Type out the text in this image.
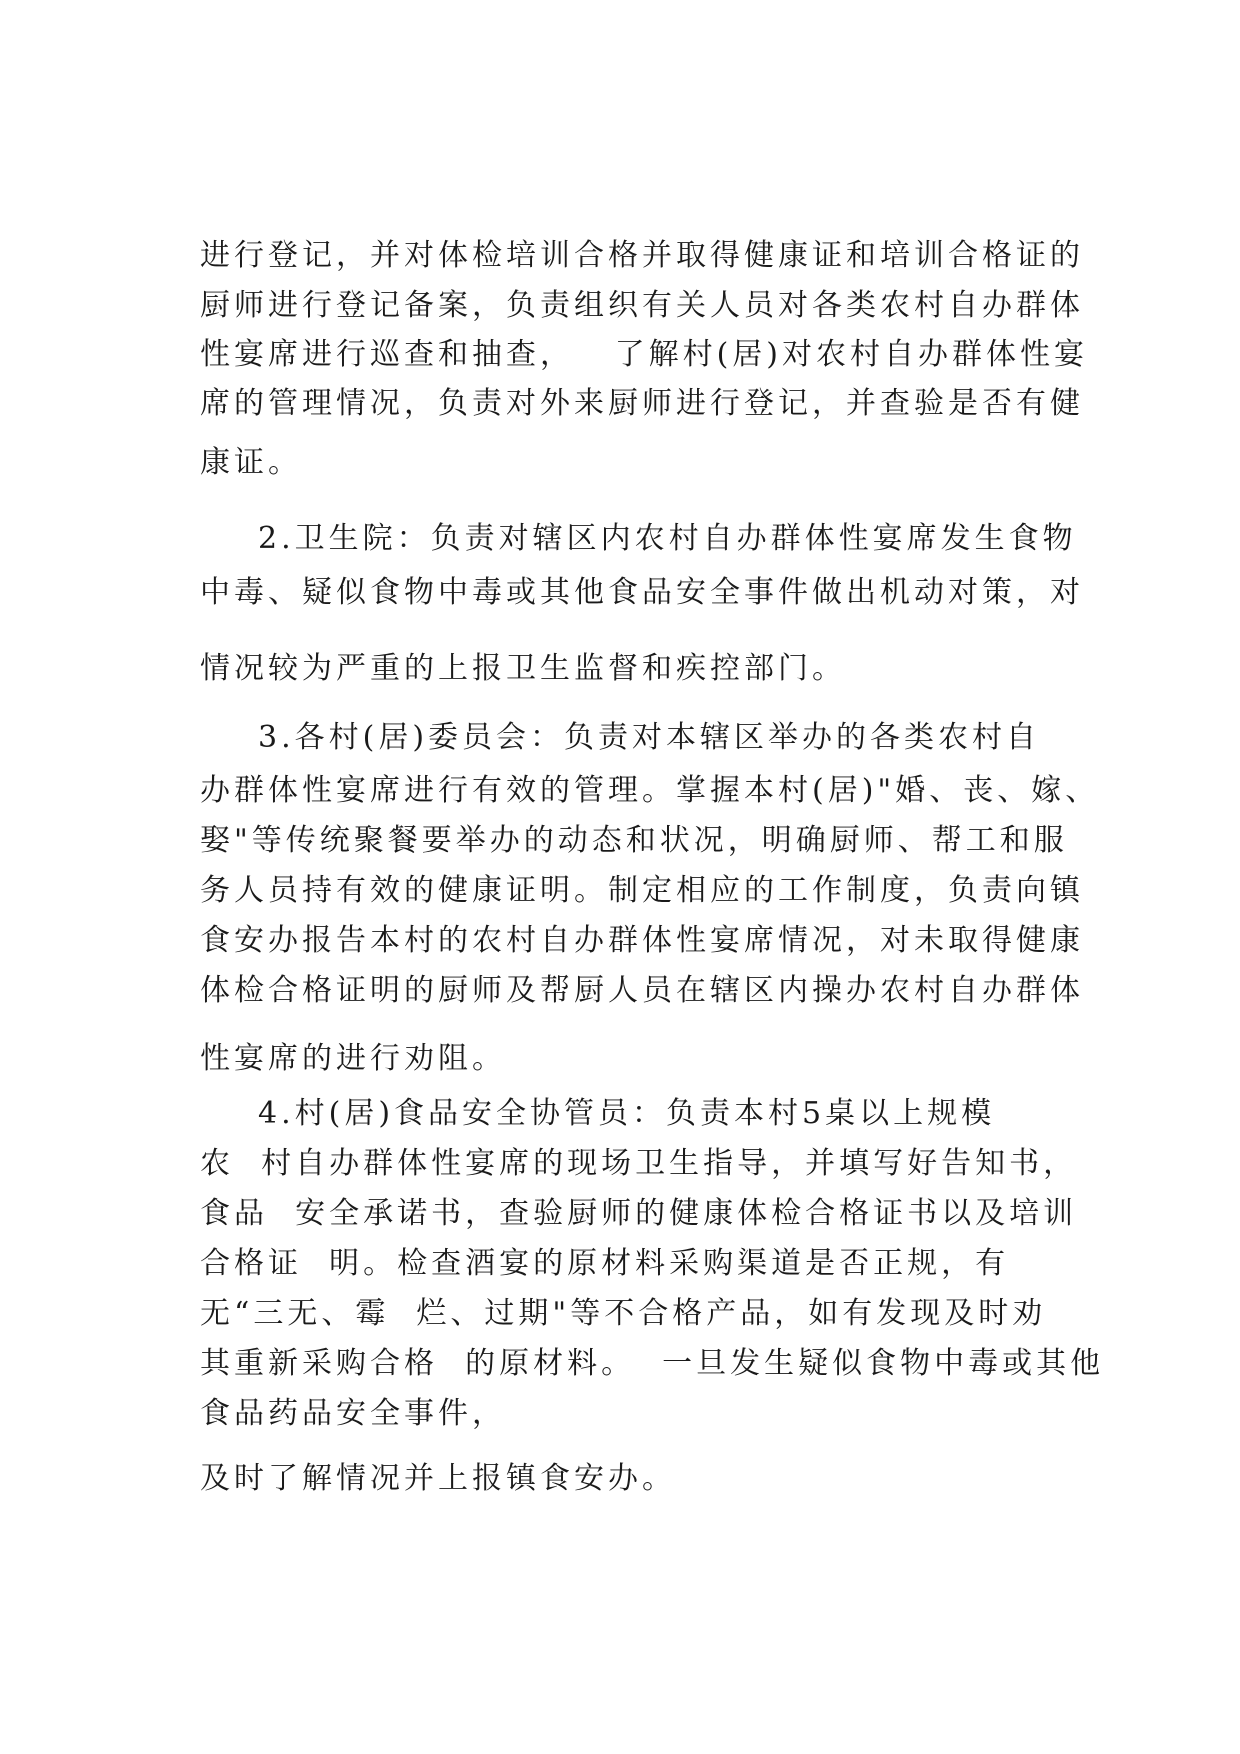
进行登记，并对体检培训合格并取得健康证和培训合格证的
厨师进行登记备案，负责组织有关人员对各类农村自办群体
性宴席进行巡查和抽查，   了解村(居)对农村自办群体性宴
席的管理情况，负责对外来厨师进行登记，并查验是否有健
康证。
2.卫生院：负责对辖区内农村自办群体性宴席发生食物
中毒、疑似食物中毒或其他食品安全事件做出机动对策，对
情况较为严重的上报卫生监督和疾控部门。
3.各村(居)委员会：负责对本辖区举办的各类农村自
办群体性宴席进行有效的管理。掌握本村(居)"婚、丧、嫁、
娶"等传统聚餐要举办的动态和状况，明确厨师、帮工和服
务人员持有效的健康证明。制定相应的工作制度，负责向镇
食安办报告本村的农村自办群体性宴席情况，对未取得健康
体检合格证明的厨师及帮厨人员在辖区内操办农村自办群体
性宴席的进行劝阻。
4.村(居)食品安全协管员：负责本村5桌以上规模
农  村自办群体性宴席的现场卫生指导，并填写好告知书，
食品  安全承诺书，查验厨师的健康体检合格证书以及培训
合格证  明。检查酒宴的原材料采购渠道是否正规，有
无“三无、霉  烂、过期"等不合格产品，如有发现及时劝
其重新采购合格  的原材料。  一旦发生疑似食物中毒或其他
食品药品安全事件，
及时了解情况并上报镇食安办。
